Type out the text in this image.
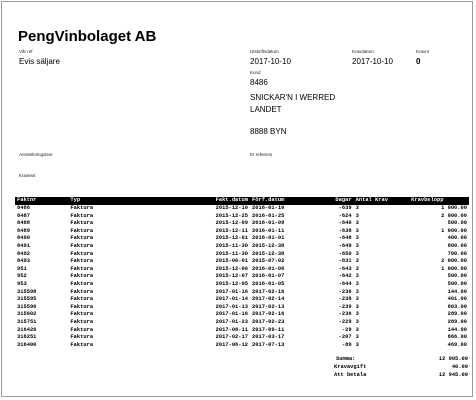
PengVinbolaget AB
Vår ref
Evis säljare
Utskriftsdatum
2017-10-10
Kravdatum
2017-10-10
Kravnr
0
Kund
8486
SNICKAR'N I WERRED
LANDET
8888 BYN
Anmärkningstext	Er referens
Kravtext
Faktnr	Typ	Fakt.datum	Förf.datum	Dagar	Antal Krav	Kravbelopp
8486	Faktura	2015-12-10	2016-01-10	-639	3	1 000.00
8487	Faktura	2015-12-25	2016-01-25	-624	3	2 000.00
8488	Faktura	2015-12-09	2016-01-09	-640	3	500.00
8489	Faktura	2015-12-11	2016-01-11	-638	3	1 000.00
8490	Faktura	2015-12-01	2016-01-01	-648	3	400.00
8491	Faktura	2015-11-30	2015-12-30	-649	3	800.00
8492	Faktura	2015-11-30	2015-12-30	-650	3	700.00
8493	Faktura	2015-06-01	2015-07-02	-831	3	2 000.00
951	Faktura	2015-12-06	2016-01-06	-643	3	1 000.00
952	Faktura	2015-12-07	2016-01-07	-642	3	500.00
953	Faktura	2015-12-05	2016-01-05	-644	3	500.00
315598	Faktura	2017-01-16	2017-02-16	-236	3	144.00
315595	Faktura	2017-01-14	2017-02-14	-238	3	401.00
315596	Faktura	2017-01-13	2017-02-13	-239	3	803.00
315602	Faktura	2017-01-16	2017-02-16	-236	3	289.00
315751	Faktura	2017-01-23	2017-02-23	-229	3	289.00
316426	Faktura	2017-08-11	2017-09-11	-29	3	144.00
316251	Faktura	2017-02-17	2017-03-17	-207	3	866.00
316400	Faktura	2017-06-12	2017-07-13	-89	3	469.00
Summa:	12 905.00
Kravavgift	40.00
Att betala	12 945.00
